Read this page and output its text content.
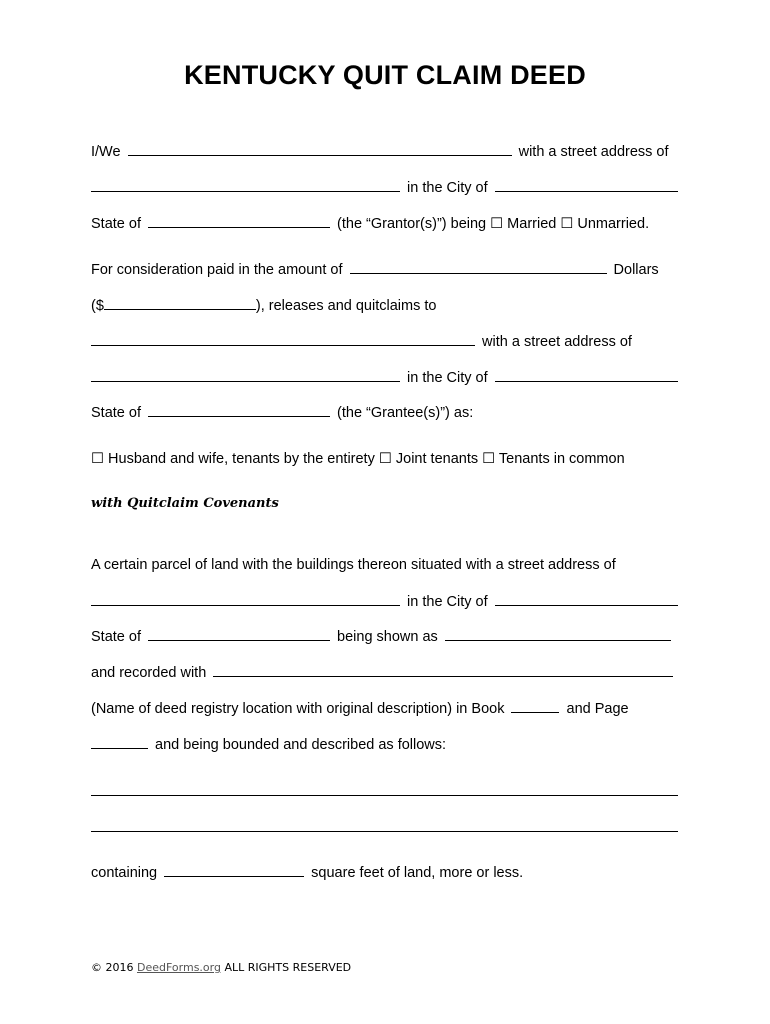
KENTUCKY QUIT CLAIM DEED
I/We	with a street address of
in the City of
State of	(the “Grantor(s)”) being ☐ Married ☐ Unmarried.
For consideration paid in the amount of	Dollars
($	), releases and quitclaims to
with a street address of
in the City of
State of	(the “Grantee(s)”) as:
☐ Husband and wife, tenants by the entirety ☐ Joint tenants ☐ Tenants in common
with Quitclaim Covenants
A certain parcel of land with the buildings thereon situated with a street address of
in the City of
State of	being shown as
and recorded with
(Name of deed registry location with original description) in Book	and Page
and being bounded and described as follows:
containing	square feet of land, more or less.
© 2016 DeedForms.org ALL RIGHTS RESERVED
